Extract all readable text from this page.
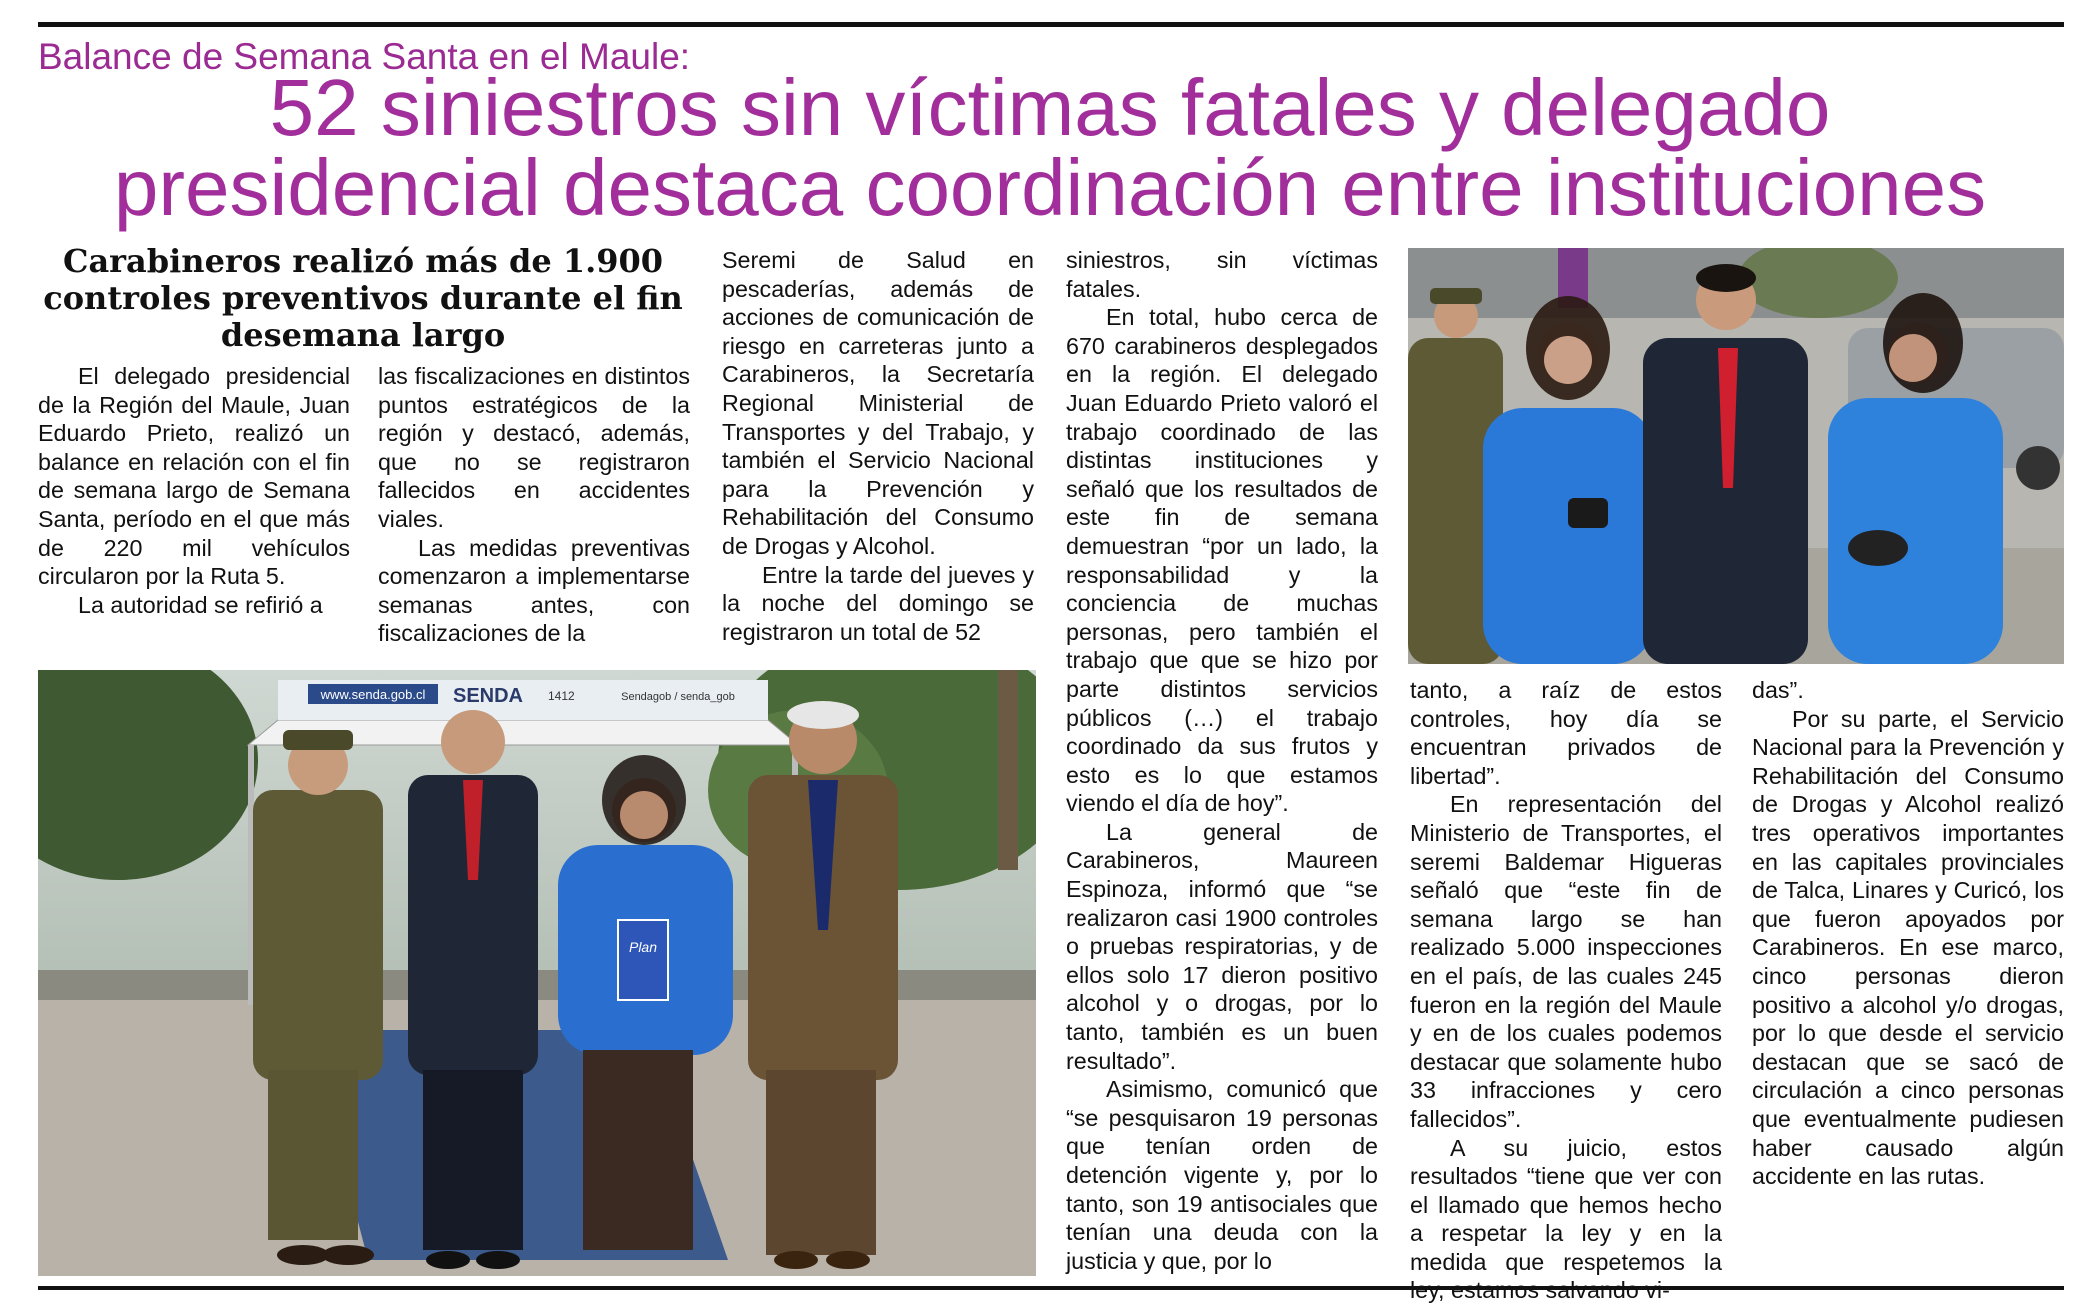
Balance de Semana Santa en el Maule:
52 siniestros sin víctimas fatales y delegado presidencial destaca coordinación entre instituciones
Carabineros realizó más de 1.900 controles preventivos durante el fin desemana largo

El delegado presidencial de la Región del Maule, Juan Eduardo Prieto, realizó un balance en relación con el fin de semana largo de Semana Santa, período en el que más de 220 mil vehículos circularon por la Ruta 5.

La autoridad se refirió a

las fiscalizaciones en distintos puntos estratégicos de la región y destacó, además, que no se registraron fallecidos en accidentes viales.

Las medidas preventivas comenzaron a implementarse semanas antes, con fiscalizaciones de la

Seremi de Salud en pescaderías, además de acciones de comunicación de riesgo en carreteras junto a Carabineros, la Secretaría Regional Ministerial de Transportes y del Trabajo, y también el Servicio Nacional para la Prevención y Rehabilitación del Consumo de Drogas y Alcohol.

Entre la tarde del jueves y la noche del domingo se registraron un total de 52

siniestros, sin víctimas fatales.

En total, hubo cerca de 670 carabineros desplegados en la región. El delegado Juan Eduardo Prieto valoró el trabajo coordinado de las distintas instituciones y señaló que los resultados de este fin de semana demuestran “por un lado, la responsabilidad y la conciencia de muchas personas, pero también el trabajo que que se hizo por parte distintos servicios públicos (…) el trabajo coordinado da sus frutos y esto es lo que estamos viendo el día de hoy”.

La general de Carabineros, Maureen Espinoza, informó que “se realizaron casi 1900 controles o pruebas respiratorias, y de ellos solo 17 dieron positivo alcohol y o drogas, por lo tanto, también es un buen resultado”.

Asimismo, comunicó que “se pesquisaron 19 personas que tenían orden de detención vigente y, por lo tanto, son 19 antisociales que tenían una deuda con la justicia y que, por lo

tanto, a raíz de estos controles, hoy día se encuentran privados de libertad”.

En representación del Ministerio de Transportes, el seremi Baldemar Higueras señaló que “este fin de semana largo se han realizado 5.000 inspecciones en el país, de las cuales 245 fueron en la región del Maule y en de los cuales podemos destacar que solamente hubo 33 infracciones y cero fallecidos”.

A su juicio, estos resultados “tiene que ver con el llamado que hemos hecho a respetar la ley y en la medida que respetemos la ley, estamos salvando vi-

das”.

Por su parte, el Servicio Nacional para la Prevención y Rehabilitación del Consumo de Drogas y Alcohol realizó tres operativos importantes en las capitales provinciales de Talca, Linares y Curicó, los que fueron apoyados por Carabineros. En ese marco, cinco personas dieron positivo a alcohol y/o drogas, por lo que desde el servicio destacan que se sacó de circulación a cinco personas que eventualmente pudiesen haber causado algún accidente en las rutas.

www.senda.gob.cl SENDA 1412	Sendagob / senda_gob
Plan
